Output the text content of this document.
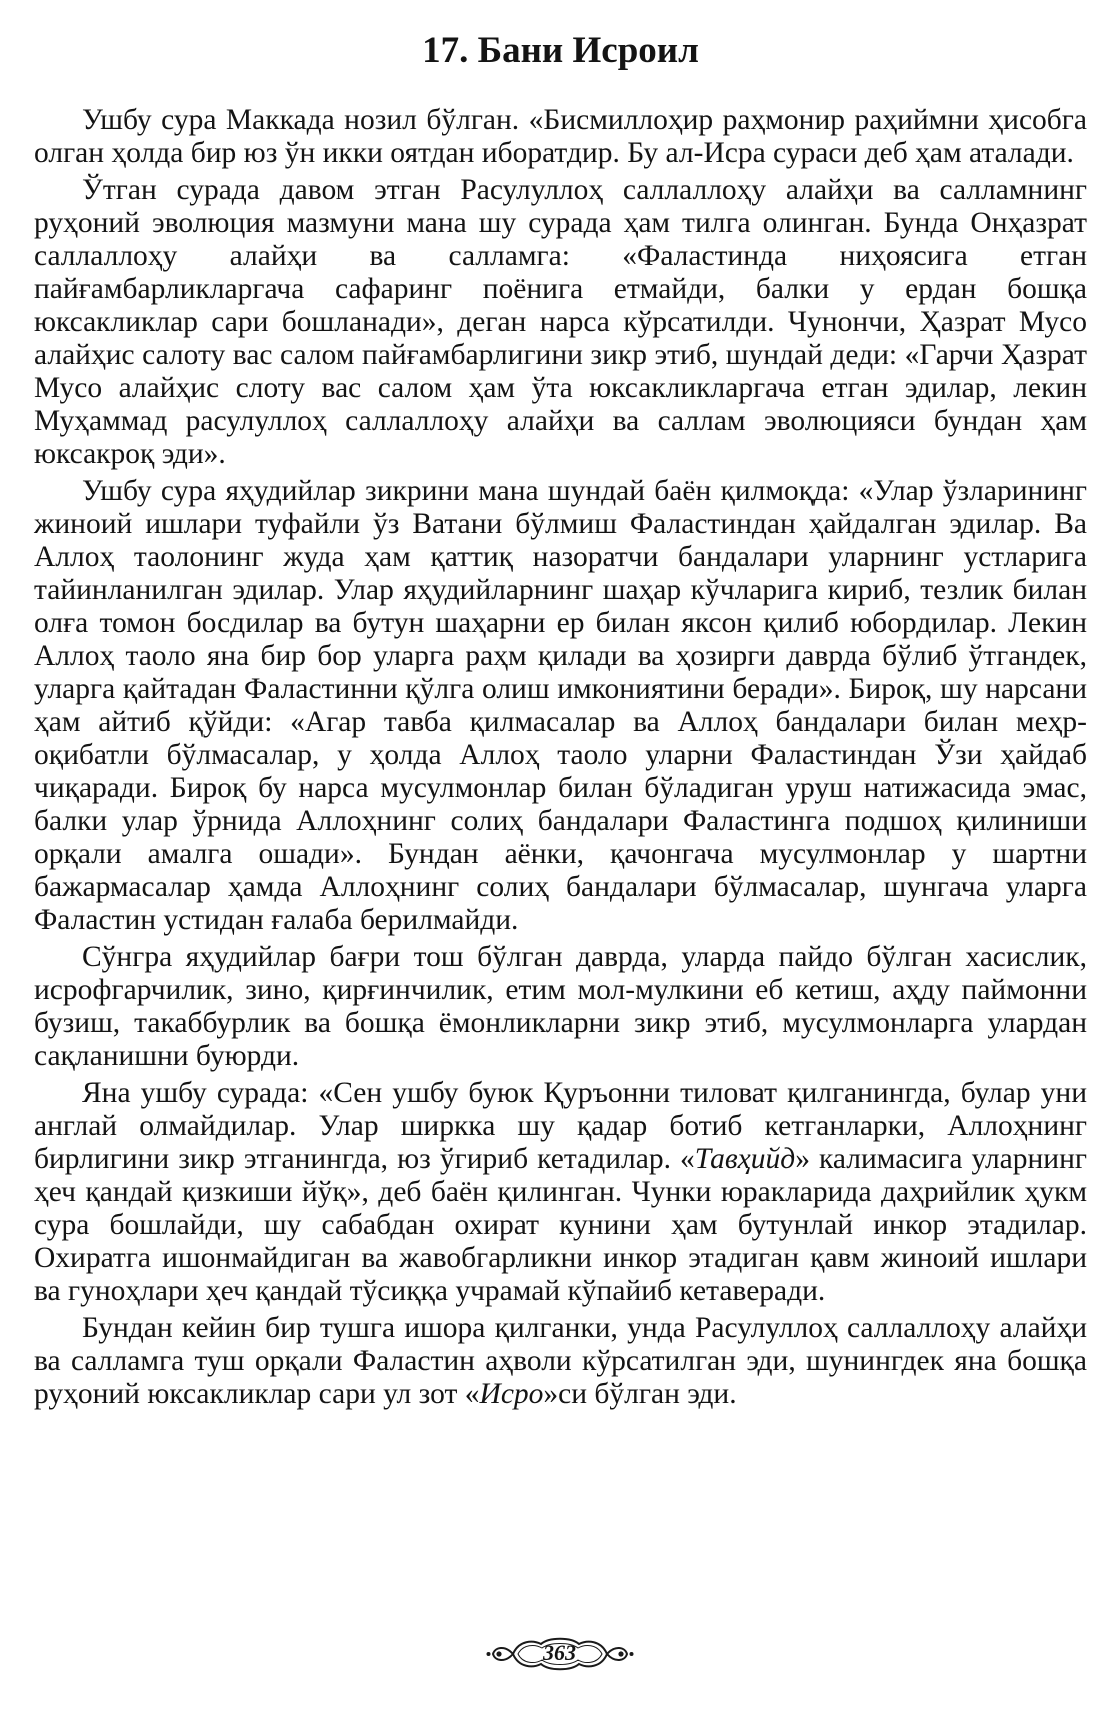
17. Бани Исроил

Ушбу сура Маккада нозил бўлган. «Бисмиллоҳир раҳмонир раҳиймни ҳисобга олган ҳолда бир юз ўн икки оятдан иборатдир. Бу ал-Исра сураси деб ҳам аталади.

Ўтган сурада давом этган Расулуллоҳ саллаллоҳу алайҳи ва салламнинг руҳоний эволюция мазмуни мана шу сурада ҳам тилга олинган. Бунда Онҳазрат саллаллоҳу алайҳи ва салламга: «Фаластинда ниҳоясига етган пайғамбарликларгача сафаринг поёнига етмайди, балки у ердан бошқа юксакликлар сари бошланади», деган нарса кўрсатилди. Чунончи, Ҳазрат Мусо алайҳис салоту вас салом пайғамбарлигини зикр этиб, шундай деди: «Гарчи Ҳазрат Мусо алайҳис слоту вас салом ҳам ўта юксакликларгача етган эдилар, лекин Муҳаммад расулуллоҳ саллаллоҳу алайҳи ва саллам эволюцияси бундан ҳам юксакроқ эди».

Ушбу сура яҳудийлар зикрини мана шундай баён қилмоқда: «Улар ўзларининг жиноий ишлари туфайли ўз Ватани бўлмиш Фаластиндан ҳайдалган эдилар. Ва Аллоҳ таолонинг жуда ҳам қаттиқ назоратчи бандалари уларнинг устларига тайинланилган эдилар. Улар яҳудийларнинг шаҳар кўчларига кириб, тезлик билан олға томон босдилар ва бутун шаҳарни ер билан яксон қилиб юбордилар. Лекин Аллоҳ таоло яна бир бор уларга раҳм қилади ва ҳозирги даврда бўлиб ўтгандек, уларга қайтадан Фаластинни қўлга олиш имкониятини беради». Бироқ, шу нарсани ҳам айтиб қўйди: «Агар тавба қилмасалар ва Аллоҳ бандалари билан меҳроқибатли бўлмасалар, у ҳолда Аллоҳ таоло уларни Фаластиндан Ўзи ҳайдаб чиқаради. Бироқ бу нарса мусулмонлар билан бўладиган уруш натижасида эмас, балки улар ўрнида Аллоҳнинг солиҳ бандалари Фаластинга подшоҳ қилиниши орқали амалга ошади». Бундан аёнки, қачонгача мусулмонлар у шартни бажармасалар ҳамда Аллоҳнинг солиҳ бандалари бўлмасалар, шунгача уларга Фаластин устидан ғалаба берилмайди.

Сўнгра яҳудийлар бағри тош бўлган даврда, уларда пайдо бўлган хасислик, исрофгарчилик, зино, қирғинчилик, етим мол-мулкини еб кетиш, аҳду паймонни бузиш, такаббурлик ва бошқа ёмонликларни зикр этиб, мусулмонларга улардан сақланишни буюрди.

Яна ушбу сурада: «Сен ушбу буюк Қуръонни тиловат қилганингда, булар уни англай олмайдилар. Улар ширкка шу қадар ботиб кетганларки, Аллоҳнинг бирлигини зикр этганингда, юз ўгириб кетадилар. «Тавҳийд» калимасига уларнинг ҳеч қандай қизкиши йўқ», деб баён қилинган. Чунки юракларида даҳрийлик ҳукм сура бошлайди, шу сабабдан охират кунини ҳам бутунлай инкор этадилар. Охиратга ишонмайдиган ва жавобгарликни инкор этадиган қавм жиноий ишлари ва гуноҳлари ҳеч қандай тўсиққа учрамай кўпайиб кетаверади.

Бундан кейин бир тушга ишора қилганки, унда Расулуллоҳ саллаллоҳу алайҳи ва салламга туш орқали Фаластин аҳволи кўрсатилган эди, шунингдек яна бошқа руҳоний юксакликлар сари ул зот «Исро»си бўлган эди.

363
